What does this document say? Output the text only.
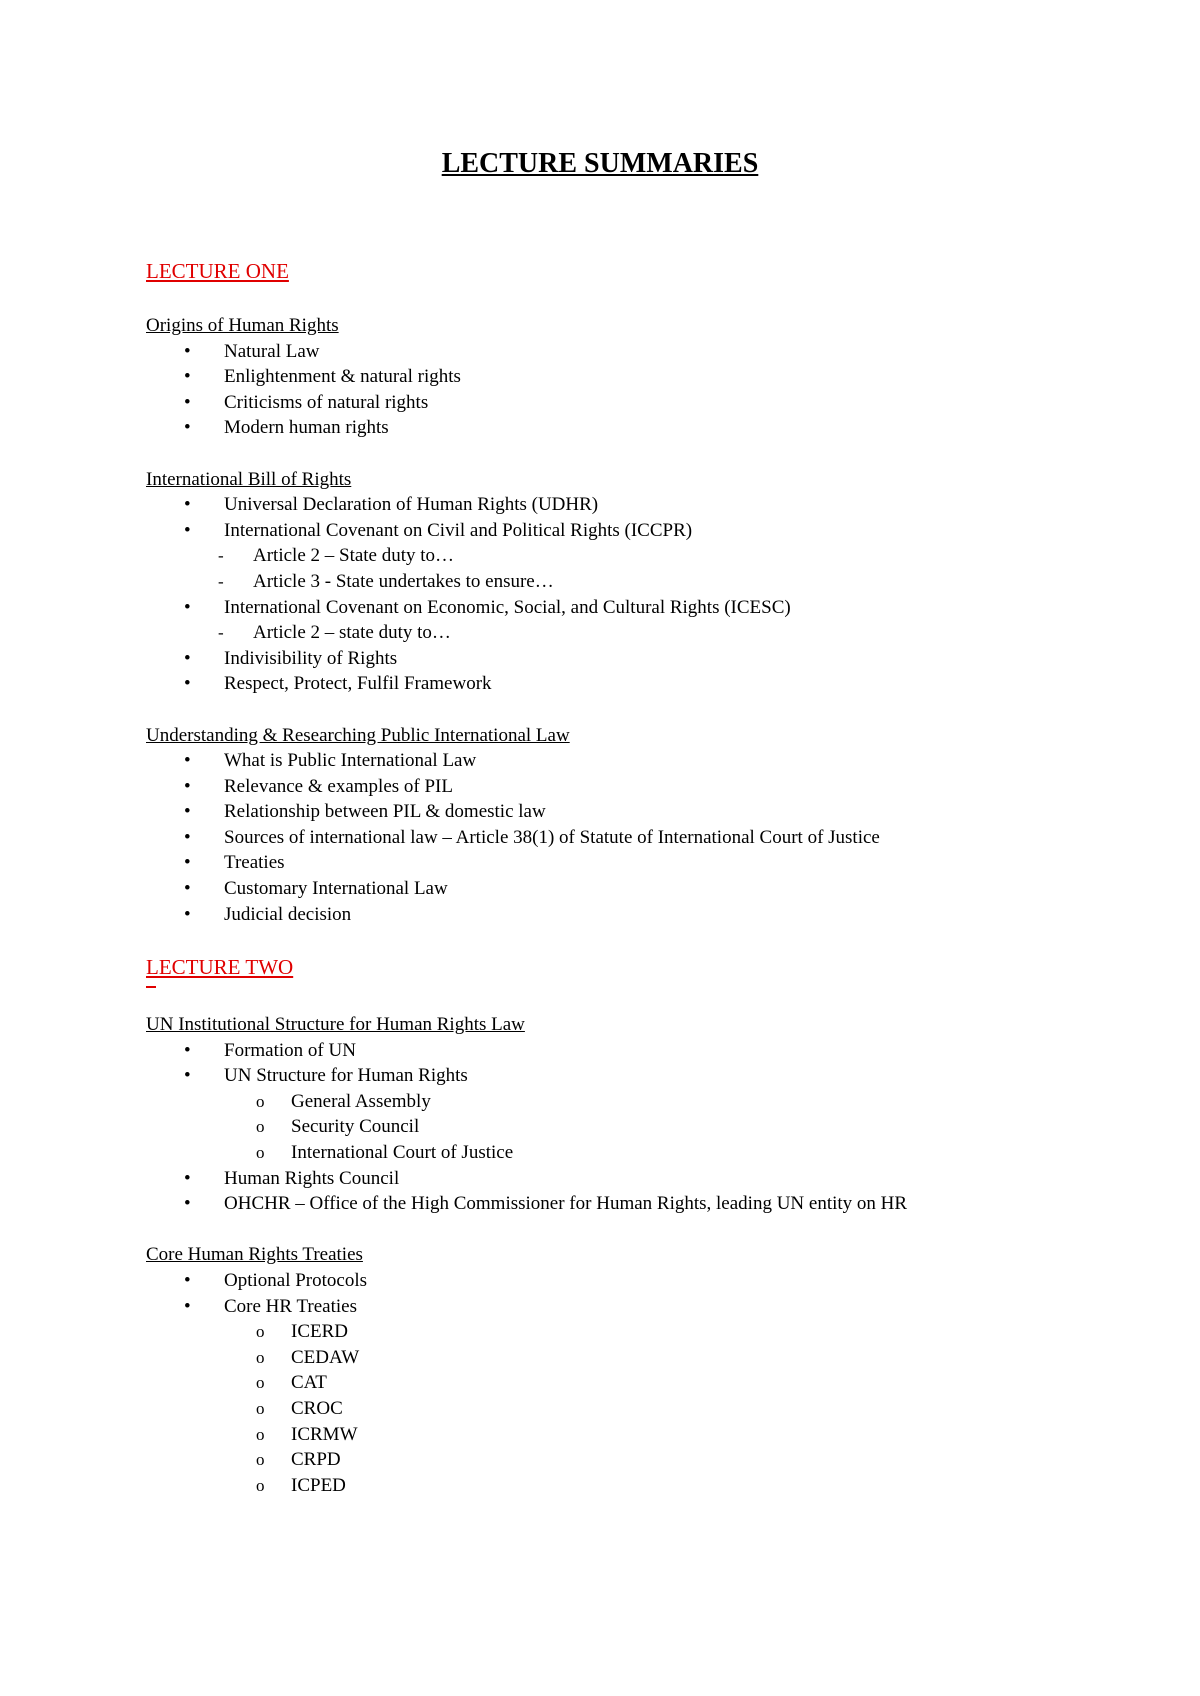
LECTURE SUMMARIES
LECTURE ONE
Origins of Human Rights
•	Natural Law
•	Enlightenment & natural rights
•	Criticisms of natural rights
•	Modern human rights
International Bill of Rights
•	Universal Declaration of Human Rights (UDHR)
•	International Covenant on Civil and Political Rights (ICCPR)
-	Article 2 – State duty to…
-	Article 3 - State undertakes to ensure…
•	International Covenant on Economic, Social, and Cultural Rights (ICESC)
-	Article 2 – state duty to…
•	Indivisibility of Rights
•	Respect, Protect, Fulfil Framework
Understanding & Researching Public International Law
•	What is Public International Law
•	Relevance & examples of PIL
•	Relationship between PIL & domestic law
•	Sources of international law – Article 38(1) of Statute of International Court of Justice
•	Treaties
•	Customary International Law
•	Judicial decision
LECTURE TWO
UN Institutional Structure for Human Rights Law
•	Formation of UN
•	UN Structure for Human Rights
o	General Assembly
o	Security Council
o	International Court of Justice
•	Human Rights Council
•	OHCHR – Office of the High Commissioner for Human Rights, leading UN entity on HR
Core Human Rights Treaties
•	Optional Protocols
•	Core HR Treaties
o	ICERD
o	CEDAW
o	CAT
o	CROC
o	ICRMW
o	CRPD
o	ICPED
